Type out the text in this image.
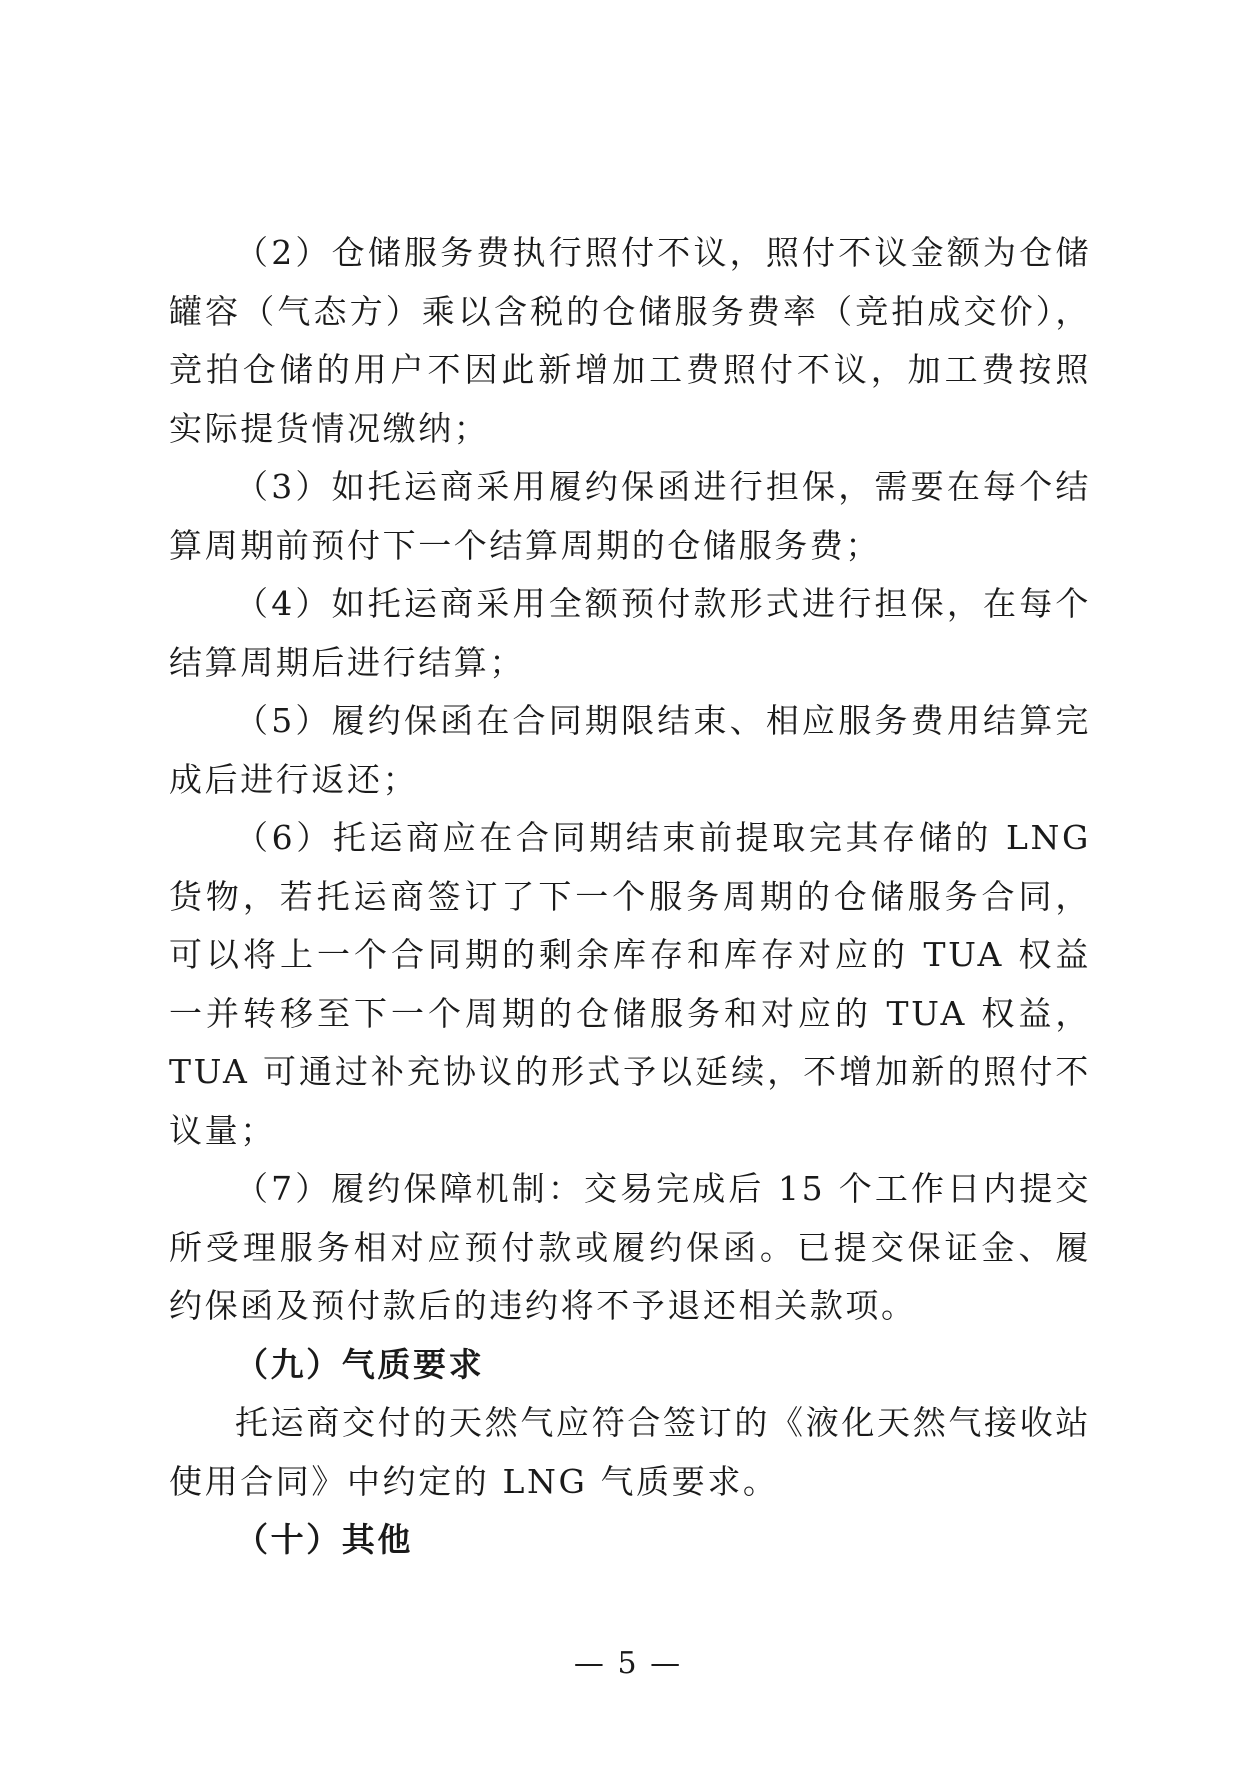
（2）仓储服务费执行照付不议，照付不议金额为仓储罐容（气态方）乘以含税的仓储服务费率（竞拍成交价），竞拍仓储的用户不因此新增加工费照付不议，加工费按照实际提货情况缴纳；

（3）如托运商采用履约保函进行担保，需要在每个结算周期前预付下一个结算周期的仓储服务费；

（4）如托运商采用全额预付款形式进行担保，在每个结算周期后进行结算；

（5）履约保函在合同期限结束、相应服务费用结算完成后进行返还；

（6）托运商应在合同期结束前提取完其存储的 LNG 货物，若托运商签订了下一个服务周期的仓储服务合同，可以将上一个合同期的剩余库存和库存对应的 TUA 权益一并转移至下一个周期的仓储服务和对应的 TUA 权益，TUA 可通过补充协议的形式予以延续，不增加新的照付不议量；

（7）履约保障机制：交易完成后 15 个工作日内提交所受理服务相对应预付款或履约保函。已提交保证金、履约保函及预付款后的违约将不予退还相关款项。

（九）气质要求

托运商交付的天然气应符合签订的《液化天然气接收站使用合同》中约定的 LNG 气质要求。

（十）其他
— 5 —
